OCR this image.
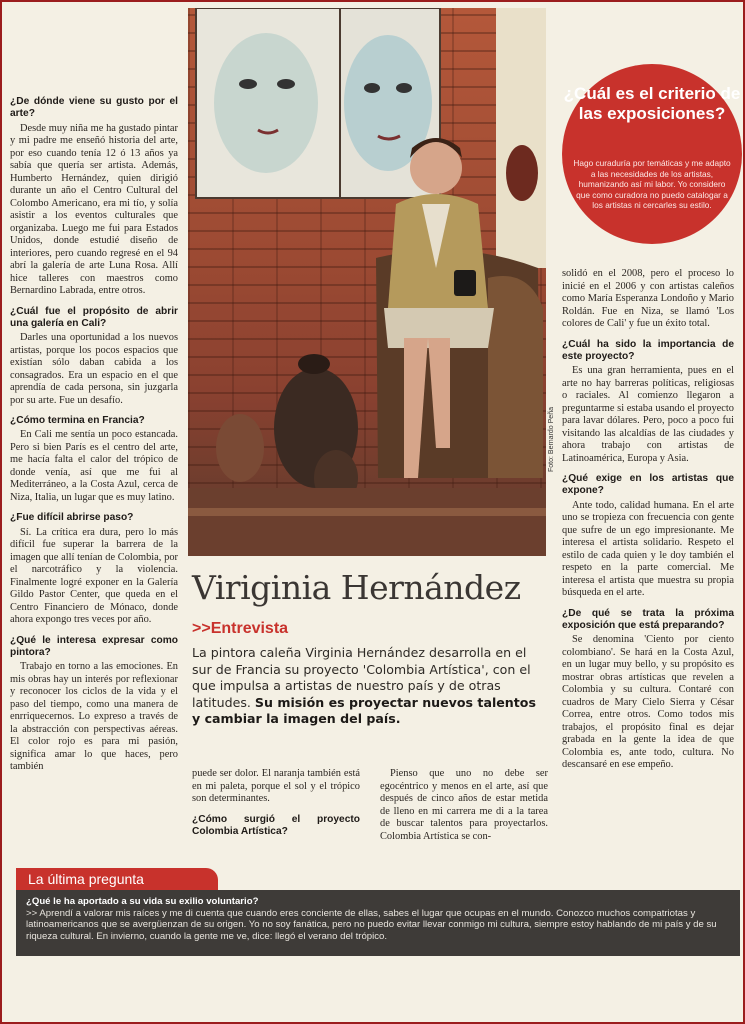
¿De dónde viene su gusto por el arte?

Desde muy niña me ha gustado pintar y mi padre me enseñó historia del arte, por eso cuando tenía 12 ó 13 años ya sabía que quería ser artista. Además, Humberto Hernández, quien dirigió durante un año el Centro Cultural del Colombo Americano, era mi tío, y solía asistir a los eventos culturales que organizaba. Luego me fui para Estados Unidos, donde estudié diseño de interiores, pero cuando regresé en el 94 abrí la galería de arte Luna Rosa. Allí hice talleres con maestros como Bernardino Labrada, entre otros.

¿Cuál fue el propósito de abrir una galería en Cali?

Darles una oportunidad a los nuevos artistas, porque los pocos espacios que existían sólo daban cabida a los consagrados. Era un espacio en el que aprendía de cada persona, sin juzgarla por su arte. Fue un desafío.

¿Cómo termina en Francia?

En Cali me sentía un poco estancada. Pero si bien París es el centro del arte, me hacía falta el calor del trópico de donde venía, así que me fui al Mediterráneo, a la Costa Azul, cerca de Niza, Italia, un lugar que es muy latino.

¿Fue difícil abrirse paso?

Sí. La crítica era dura, pero lo más difícil fue superar la barrera de la imagen que allí tenían de Colombia, por el narcotráfico y la violencia. Finalmente logré exponer en la Galería Gildo Pastor Center, que queda en el Centro Financiero de Mónaco, donde ahora expongo tres veces por año.

¿Qué le interesa expresar como pintora?

Trabajo en torno a las emociones. En mis obras hay un interés por reflexionar y reconocer los ciclos de la vida y el paso del tiempo, como una manera de enrriquecernos. Lo expreso a través de la abstracción con perspectivas aéreas. El color rojo es para mi pasión, significa amar lo que haces, pero también

Foto: Bernardo Peña
¿Cuál es el criterio de las exposiciones?
Hago curaduría por temáticas y me adapto a las necesidades de los artistas, humanizando así mi labor. Yo considero que como curadora no puedo catalogar a los artistas ni cercarles su estilo.

solidó en el 2008, pero el proceso lo inicié en el 2006 y con artistas caleños como María Esperanza Londoño y Mario Roldán. Fue en Niza, se llamó 'Los colores de Cali' y fue un éxito total.

¿Cuál ha sido la importancia de este proyecto?

Es una gran herramienta, pues en el arte no hay barreras políticas, religiosas o raciales. Al comienzo llegaron a preguntarme si estaba usando el proyecto para lavar dólares. Pero, poco a poco fui visitando las alcaldías de las ciudades y ahora trabajo con artistas de Latinoamérica, Europa y Asia.

¿Qué exige en los artistas que expone?

Ante todo, calidad humana. En el arte uno se tropieza con frecuencia con gente que sufre de un ego impresionante. Me interesa el artista solidario. Respeto el estilo de cada quien y le doy también el respeto en la parte comercial. Me interesa el artista que muestra su propia búsqueda en el arte.

¿De qué se trata la próxima exposición que está preparando?

Se denomina 'Ciento por ciento colombiano'. Se hará en la Costa Azul, en un lugar muy bello, y su propósito es mostrar obras artísticas que revelen a Colombia y su cultura. Contaré con cuadros de Mary Cielo Sierra y César Correa, entre otros. Como todos mis trabajos, el propósito final es dejar grabada en la gente la idea de que Colombia es, ante todo, cultura. No descansaré en ese empeño.

Viriginia Hernández
>>Entrevista
La pintora caleña Virginia Hernández desarrolla en el sur de Francia su proyecto 'Colombia Artística', con el que impulsa a artistas de nuestro país y de otras latitudes. Su misión es proyectar nuevos talentos y cambiar la imagen del país.

puede ser dolor. El naranja también está en mi paleta, porque el sol y el trópico son determinantes.

¿Cómo surgió el proyecto Colombia Artística?

Pienso que uno no debe ser egocéntrico y menos en el arte, así que después de cinco años de estar metida de lleno en mi carrera me di a la tarea de buscar talentos para proyectarlos. Colombia Artística se con-

La última pregunta
¿Qué le ha aportado a su vida su exilio voluntario?
>> Aprendí a valorar mis raíces y me di cuenta que cuando eres conciente de ellas, sabes el lugar que ocupas en el mundo. Conozco muchos compatriotas y latinoamericanos que se avergüenzan de su origen. Yo no soy fanática, pero no puedo evitar llevar conmigo mi cultura, siempre estoy hablando de mi país y de su riqueza cultural. En invierno, cuando la gente me ve, dice: llegó el verano del trópico.
